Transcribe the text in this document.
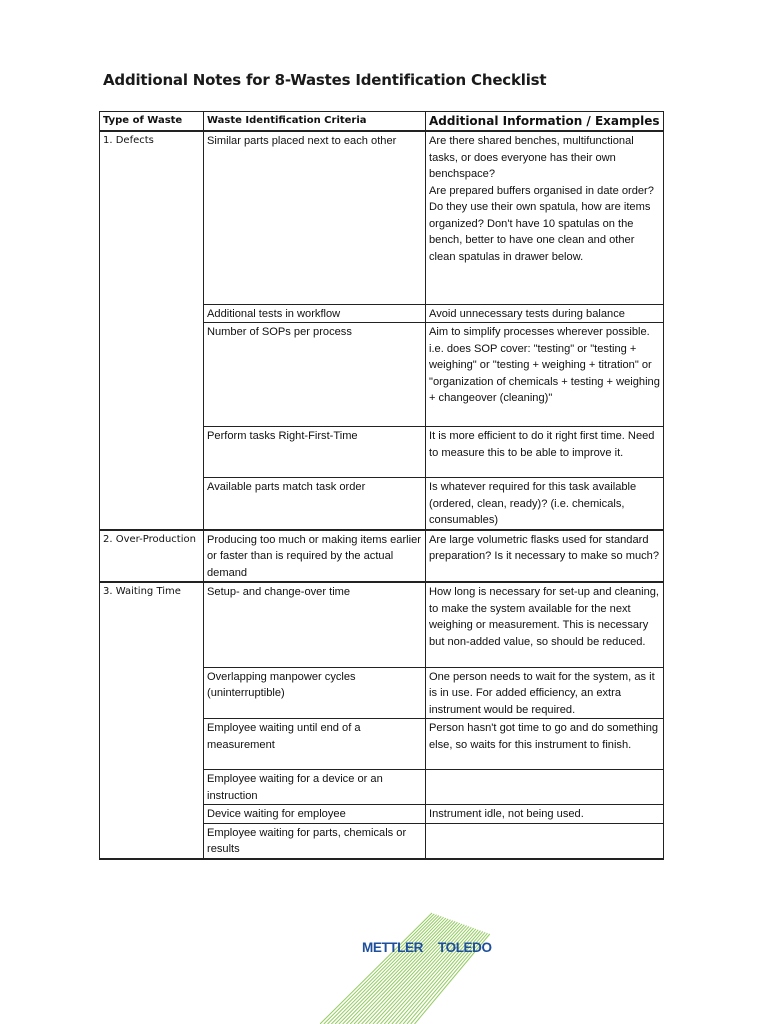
Additional Notes for 8-Wastes Identification Checklist
Type of Waste	Waste Identification Criteria	Additional Information / Examples
1. Defects	Similar parts placed next to each other	Are there shared benches, multifunctional tasks, or does everyone has their own benchspace?
Are prepared buffers organised in date order? Do they use their own spatula, how are items organized? Don't have 10 spatulas on the bench, better to have one clean and other clean spatulas in drawer below.
	Additional tests in workflow	Avoid unnecessary tests during balance
	Number of SOPs per process	Aim to simplify processes wherever possible. i.e. does SOP cover: "testing" or "testing + weighing" or "testing + weighing + titration" or "organization of chemicals + testing + weighing + changeover (cleaning)"
	Perform tasks Right-First-Time	It is more efficient to do it right first time. Need to measure this to be able to improve it.
	Available parts match task order	Is whatever required for this task available (ordered, clean, ready)? (i.e. chemicals, consumables)
2. Over-Production	Producing too much or making items earlier or faster than is required by the actual demand	Are large volumetric flasks used for standard preparation? Is it necessary to make so much?
3. Waiting Time	Setup- and change-over time	How long is necessary for set-up and cleaning, to make the system available for the next weighing or measurement. This is necessary but non-added value, so should be reduced.
	Overlapping manpower cycles (uninterruptible)	One person needs to wait for the system, as it is in use. For added efficiency, an extra instrument would be required.
	Employee waiting until end of a measurement	Person hasn't got time to go and do something else, so waits for this instrument to finish.
	Employee waiting for a device or an instruction	
	Device waiting for employee	Instrument idle, not being used.
	Employee waiting for parts, chemicals or results	
METTLER TOLEDO
